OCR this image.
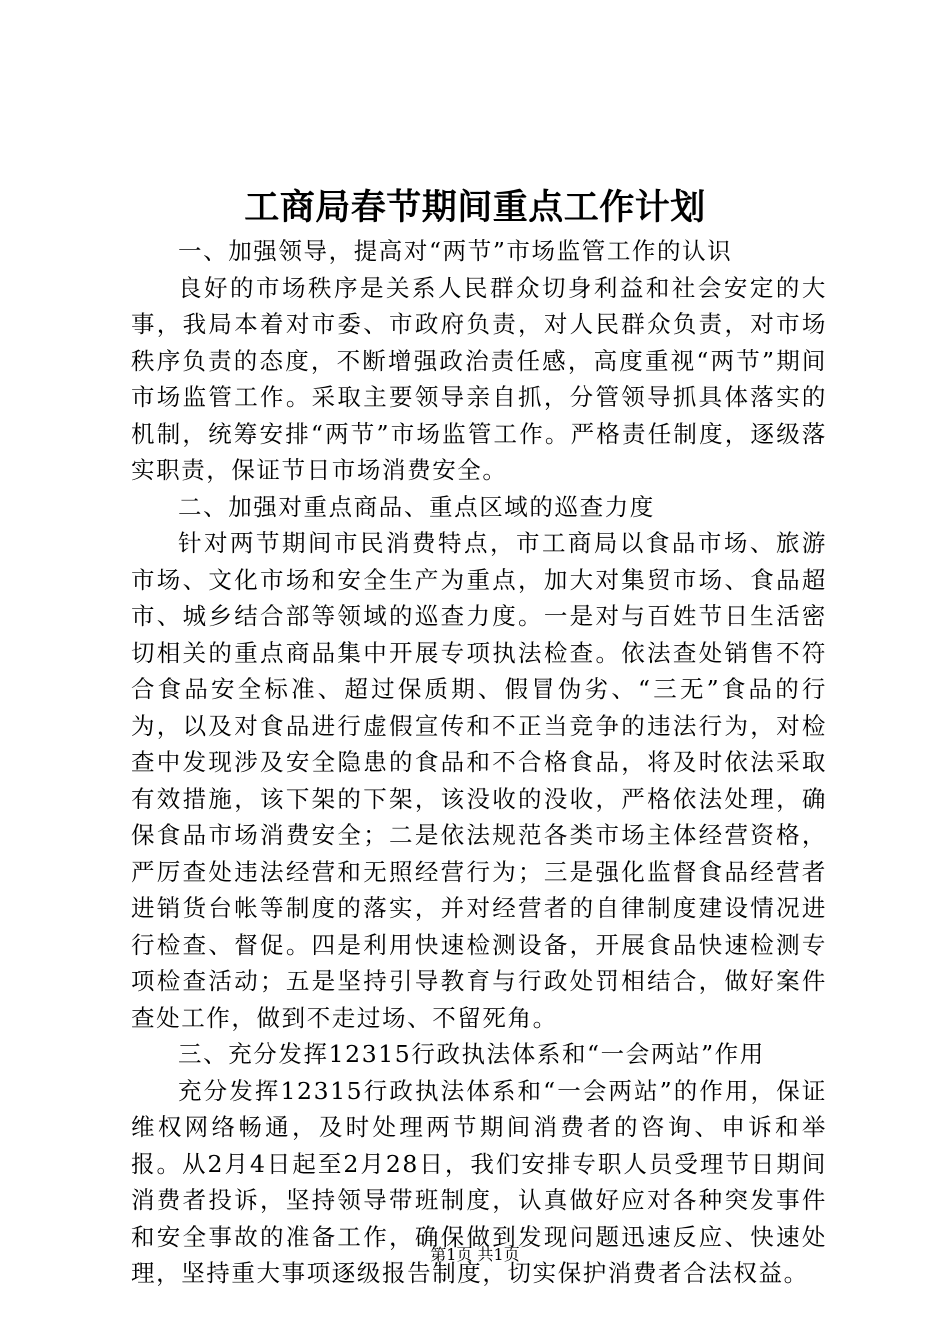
工商局春节期间重点工作计划

一、加强领导，提高对“两节”市场监管工作的认识

良好的市场秩序是关系人民群众切身利益和社会安定的大事，我局本着对市委、市政府负责，对人民群众负责，对市场秩序负责的态度，不断增强政治责任感，高度重视“两节”期间市场监管工作。采取主要领导亲自抓，分管领导抓具体落实的机制，统筹安排“两节”市场监管工作。严格责任制度，逐级落实职责，保证节日市场消费安全。

二、加强对重点商品、重点区域的巡查力度

针对两节期间市民消费特点，市工商局以食品市场、旅游市场、文化市场和安全生产为重点，加大对集贸市场、食品超市、城乡结合部等领域的巡查力度。一是对与百姓节日生活密切相关的重点商品集中开展专项执法检查。依法查处销售不符合食品安全标准、超过保质期、假冒伪劣、“三无”食品的行为，以及对食品进行虚假宣传和不正当竞争的违法行为，对检查中发现涉及安全隐患的食品和不合格食品，将及时依法采取有效措施，该下架的下架，该没收的没收，严格依法处理，确保食品市场消费安全；二是依法规范各类市场主体经营资格，严厉查处违法经营和无照经营行为；三是强化监督食品经营者进销货台帐等制度的落实，并对经营者的自律制度建设情况进行检查、督促。四是利用快速检测设备，开展食品快速检测专项检查活动；五是坚持引导教育与行政处罚相结合，做好案件查处工作，做到不走过场、不留死角。

三、充分发挥12315行政执法体系和“一会两站”作用

充分发挥12315行政执法体系和“一会两站”的作用，保证维权网络畅通，及时处理两节期间消费者的咨询、申诉和举报。从2月4日起至2月28日，我们安排专职人员受理节日期间消费者投诉，坚持领导带班制度，认真做好应对各种突发事件和安全事故的准备工作，确保做到发现问题迅速反应、快速处理，坚持重大事项逐级报告制度，切实保护消费者合法权益。

第1页 共1页
